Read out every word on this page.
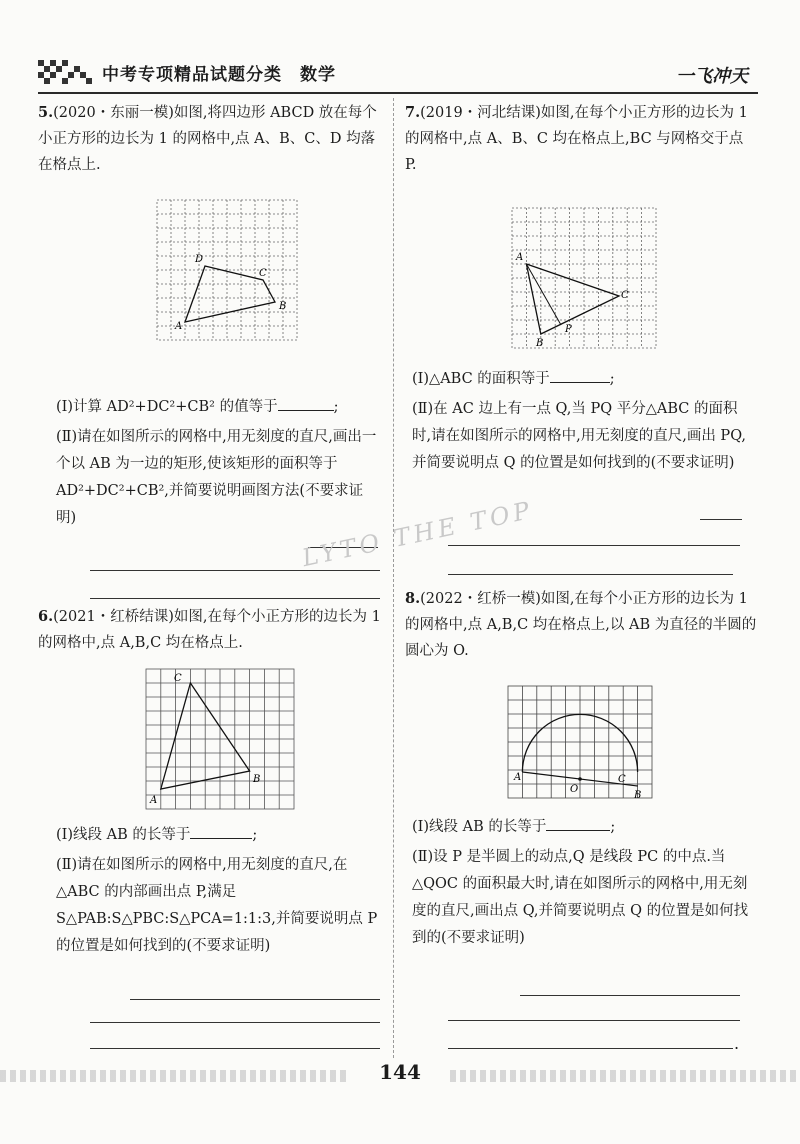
中考专项精品试题分类　数学	一飞冲天
5.(2020・东丽一模)如图,将四边形 ABCD 放在每个小正方形的边长为 1 的网格中,点 A、B、C、D 均落在格点上.
A
D
C
B
(Ⅰ)计算 AD²+DC²+CB² 的值等于	;
(Ⅱ)请在如图所示的网格中,用无刻度的直尺,画出一个以 AB 为一边的矩形,使该矩形的面积等于 AD²+DC²+CB²,并简要说明画图方法(不要求证明)
6.(2021・红桥结课)如图,在每个小正方形的边长为 1 的网格中,点 A,B,C 均在格点上.
A
C
B
(Ⅰ)线段 AB 的长等于	;
(Ⅱ)请在如图所示的网格中,用无刻度的直尺,在△ABC 的内部画出点 P,满足 S△PAB:S△PBC:S△PCA=1:1:3,并简要说明点 P 的位置是如何找到的(不要求证明)
7.(2019・河北结课)如图,在每个小正方形的边长为 1 的网格中,点 A、B、C 均在格点上,BC 与网格交于点 P.
A
C
P
B
(Ⅰ)△ABC 的面积等于	;
(Ⅱ)在 AC 边上有一点 Q,当 PQ 平分△ABC 的面积时,请在如图所示的网格中,用无刻度的直尺,画出 PQ,并简要说明点 Q 的位置是如何找到的(不要求证明)
8.(2022・红桥一模)如图,在每个小正方形的边长为 1 的网格中,点 A,B,C 均在格点上,以 AB 为直径的半圆的圆心为 O.
A
O
C
B
(Ⅰ)线段 AB 的长等于	;
(Ⅱ)设 P 是半圆上的动点,Q 是线段 PC 的中点.当△QOC 的面积最大时,请在如图所示的网格中,用无刻度的直尺,画出点 Q,并简要说明点 Q 的位置是如何找到的(不要求证明)
.
LYTO THE TOP
144
